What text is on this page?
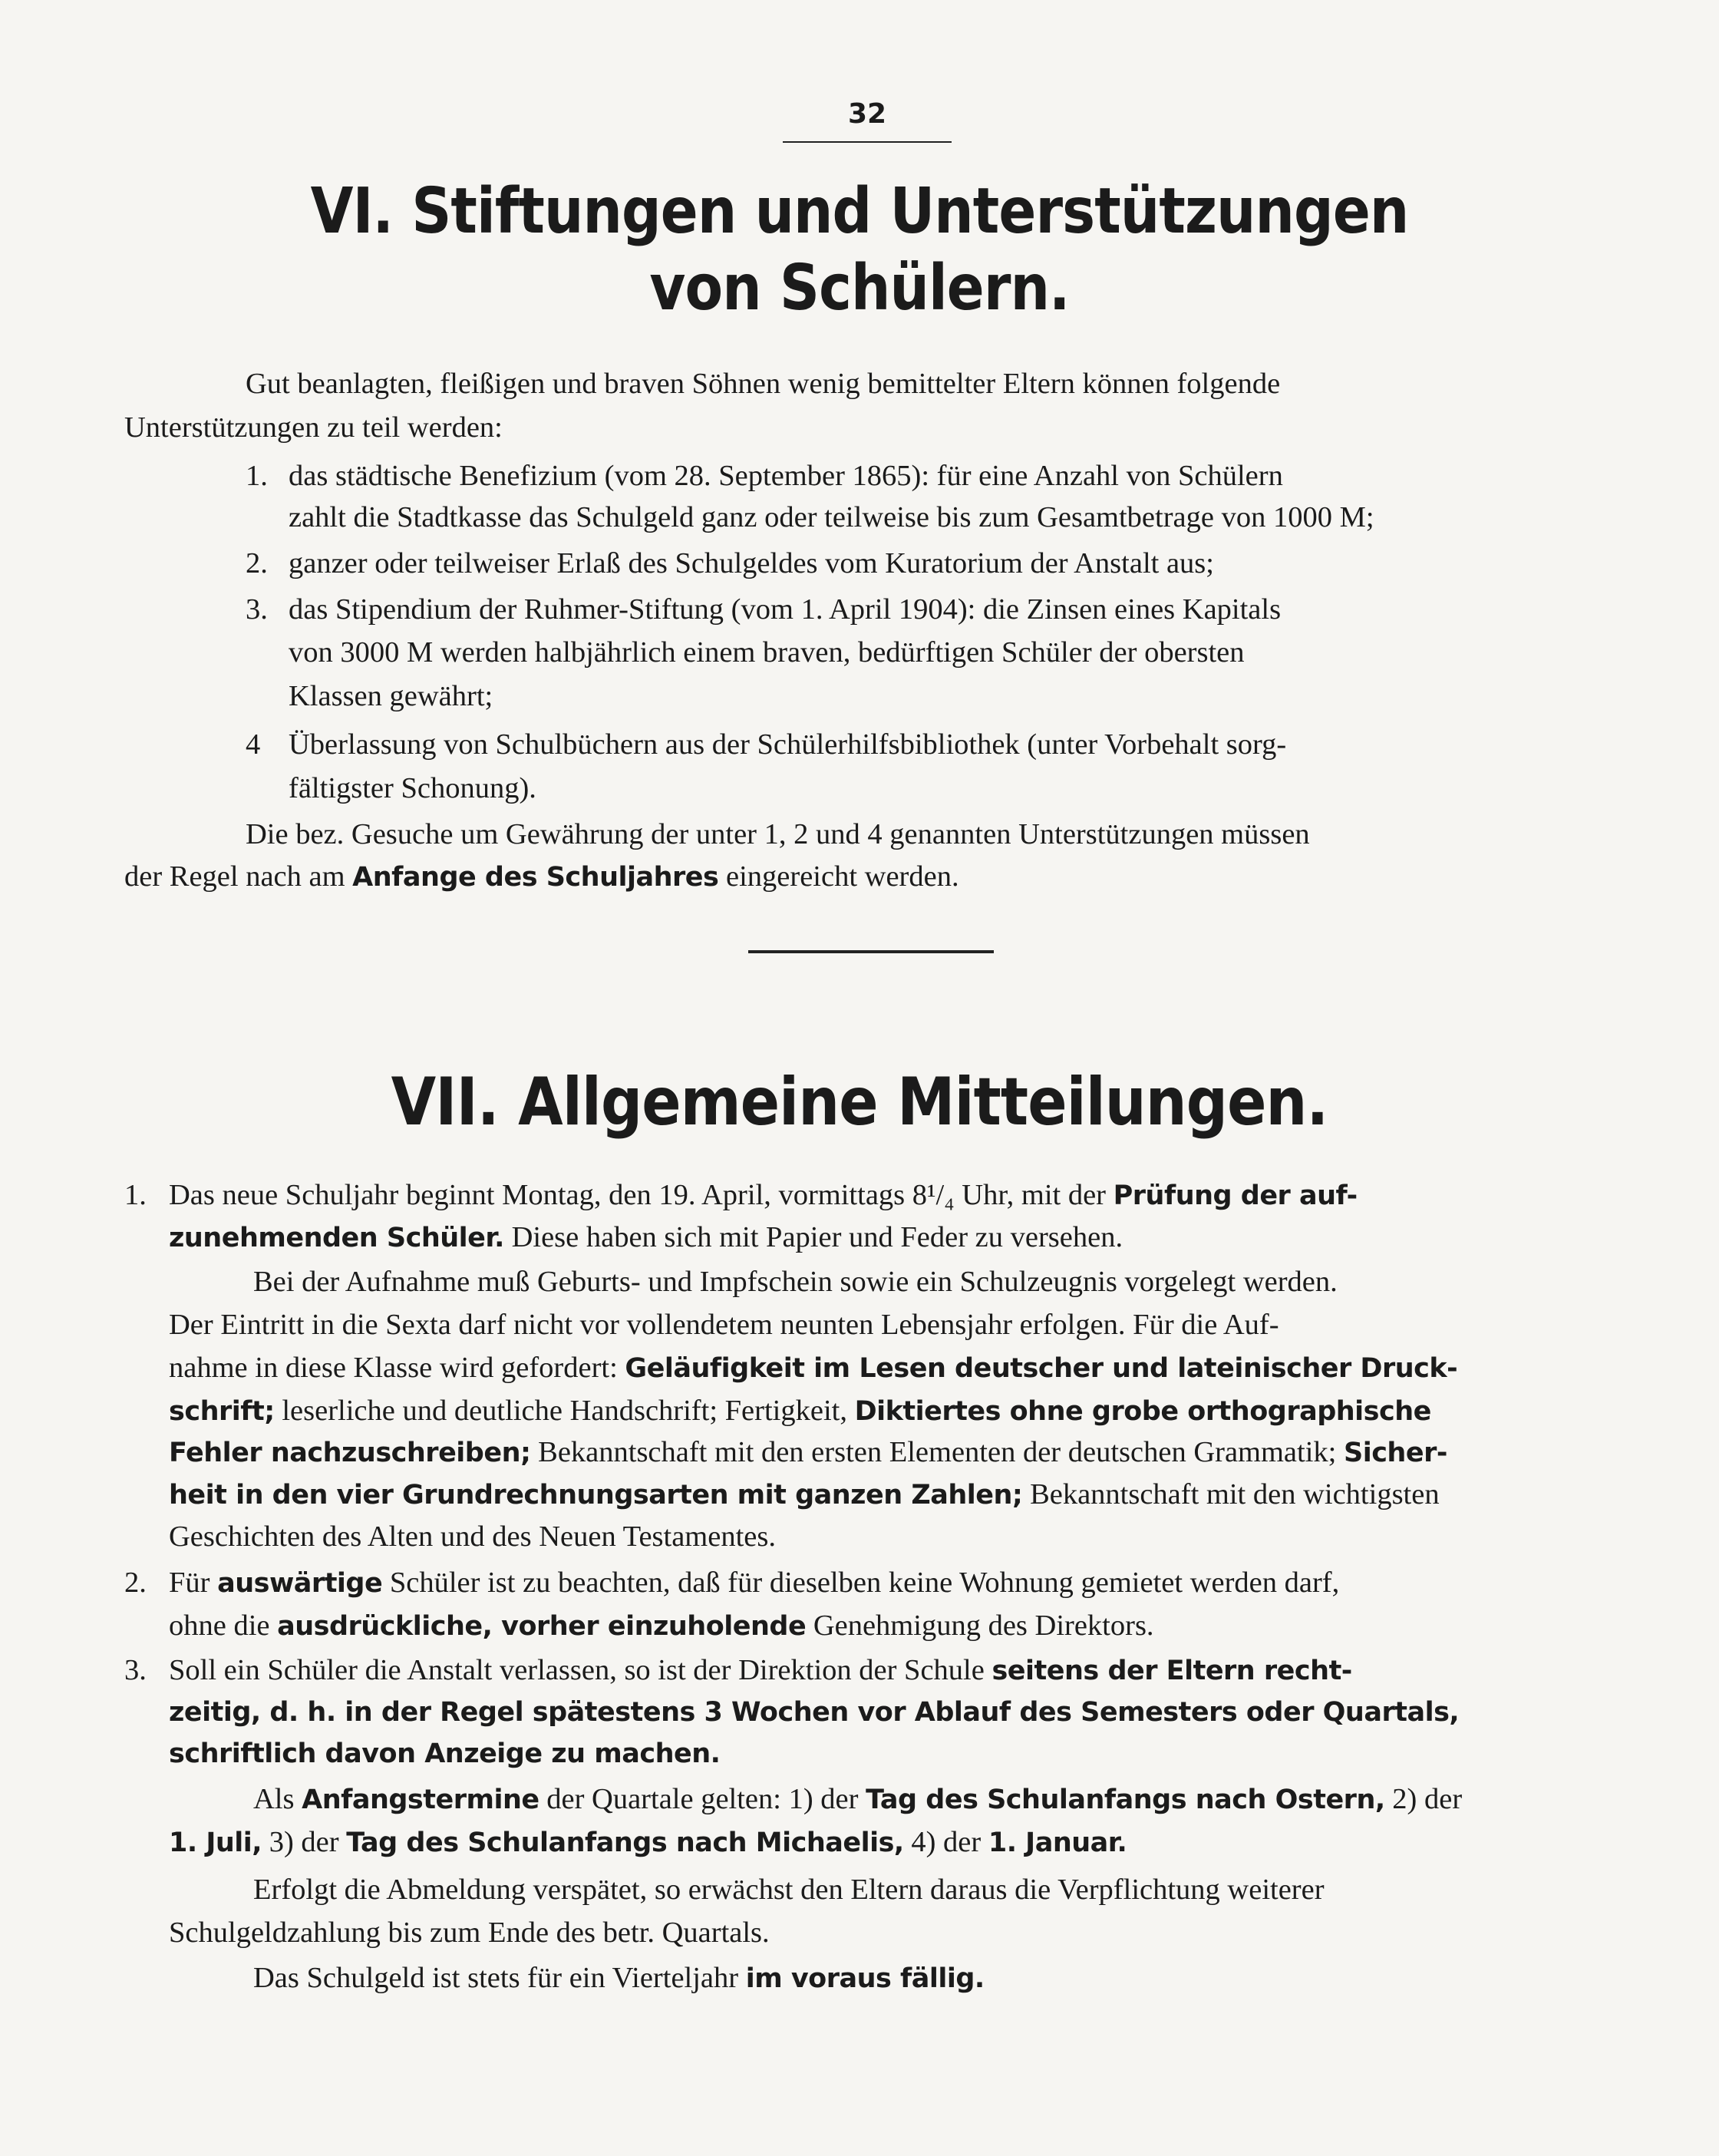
32
VI. Stiftungen und Unterstützungen
von Schülern.
Gut beanlagten, fleißigen und braven Söhnen wenig bemittelter Eltern können folgende
Unterstützungen zu teil werden:
1. das städtische Benefizium (vom 28. September 1865): für eine Anzahl von Schülern
zahlt die Stadtkasse das Schulgeld ganz oder teilweise bis zum Gesamtbetrage von 1000 M;
2. ganzer oder teilweiser Erlaß des Schulgeldes vom Kuratorium der Anstalt aus;
3. das Stipendium der Ruhmer-Stiftung (vom 1. April 1904): die Zinsen eines Kapitals
von 3000 M werden halbjährlich einem braven, bedürftigen Schüler der obersten
Klassen gewährt;
4 Überlassung von Schulbüchern aus der Schülerhilfsbibliothek (unter Vorbehalt sorg-
fältigster Schonung).
Die bez. Gesuche um Gewährung der unter 1, 2 und 4 genannten Unterstützungen müssen
der Regel nach am Anfange des Schuljahres eingereicht werden.
VII. Allgemeine Mitteilungen.
1. Das neue Schuljahr beginnt Montag, den 19. April, vormittags 8¹/₄ Uhr, mit der Prüfung der auf-
zunehmenden Schüler. Diese haben sich mit Papier und Feder zu versehen.
Bei der Aufnahme muß Geburts- und Impfschein sowie ein Schulzeugnis vorgelegt werden.
Der Eintritt in die Sexta darf nicht vor vollendetem neunten Lebensjahr erfolgen. Für die Auf-
nahme in diese Klasse wird gefordert: Geläufigkeit im Lesen deutscher und lateinischer Druck-
schrift; leserliche und deutliche Handschrift; Fertigkeit, Diktiertes ohne grobe orthographische
Fehler nachzuschreiben; Bekanntschaft mit den ersten Elementen der deutschen Grammatik; Sicher-
heit in den vier Grundrechnungsarten mit ganzen Zahlen; Bekanntschaft mit den wichtigsten
Geschichten des Alten und des Neuen Testamentes.
2. Für auswärtige Schüler ist zu beachten, daß für dieselben keine Wohnung gemietet werden darf,
ohne die ausdrückliche, vorher einzuholende Genehmigung des Direktors.
3. Soll ein Schüler die Anstalt verlassen, so ist der Direktion der Schule seitens der Eltern recht-
zeitig, d. h. in der Regel spätestens 3 Wochen vor Ablauf des Semesters oder Quartals,
schriftlich davon Anzeige zu machen.
Als Anfangstermine der Quartale gelten: 1) der Tag des Schulanfangs nach Ostern, 2) der
1. Juli, 3) der Tag des Schulanfangs nach Michaelis, 4) der 1. Januar.
Erfolgt die Abmeldung verspätet, so erwächst den Eltern daraus die Verpflichtung weiterer
Schulgeldzahlung bis zum Ende des betr. Quartals.
Das Schulgeld ist stets für ein Vierteljahr im voraus fällig.
